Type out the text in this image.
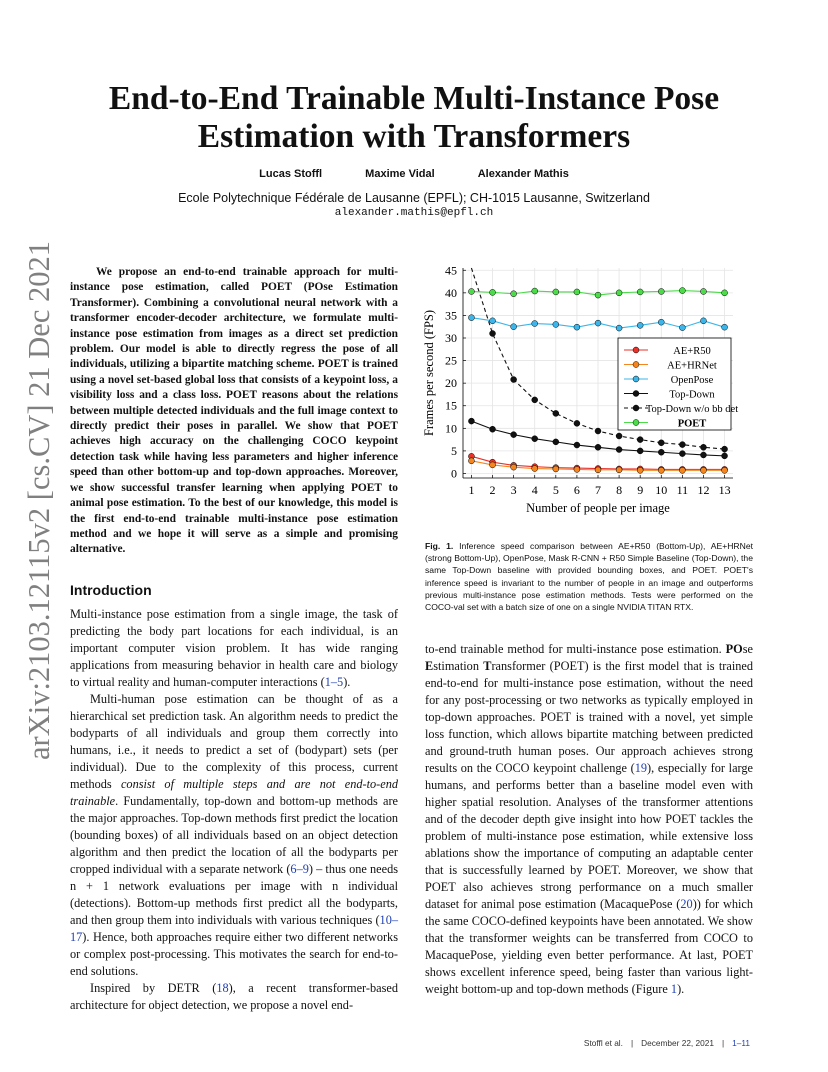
arXiv:2103.12115v2 [cs.CV] 21 Dec 2021
End-to-End Trainable Multi-Instance Pose
Estimation with Transformers
Lucas Stoffl	Maxime Vidal	Alexander Mathis
Ecole Polytechnique Fédérale de Lausanne (EPFL); CH-1015 Lausanne, Switzerland
alexander.mathis@epfl.ch

We propose an end-to-end trainable approach for multi-instance pose estimation, called POET (POse Estimation Transformer). Combining a convolutional neural network with a transformer encoder-decoder architecture, we formulate multi-instance pose estimation from images as a direct set prediction problem. Our model is able to directly regress the pose of all individuals, utilizing a bipartite matching scheme. POET is trained using a novel set-based global loss that consists of a keypoint loss, a visibility loss and a class loss. POET reasons about the relations between multiple detected individuals and the full image context to directly predict their poses in parallel. We show that POET achieves high accuracy on the challenging COCO keypoint detection task while having less parameters and higher inference speed than other bottom-up and top-down approaches. Moreover, we show successful transfer learning when applying POET to animal pose estimation. To the best of our knowledge, this model is the first end-to-end trainable multi-instance pose estimation method and we hope it will serve as a simple and promising alternative.

Introduction

Multi-instance pose estimation from a single image, the task of predicting the body part locations for each individual, is an important computer vision problem. It has wide ranging applications from measuring behavior in health care and biology to virtual reality and human-computer interactions (1–5).

Multi-human pose estimation can be thought of as a hierarchical set prediction task. An algorithm needs to predict the bodyparts of all individuals and group them correctly into humans, i.e., it needs to predict a set of (bodypart) sets (per individual). Due to the complexity of this process, current methods consist of multiple steps and are not end-to-end trainable. Fundamentally, top-down and bottom-up methods are the major approaches. Top-down methods first predict the location (bounding boxes) of all individuals based on an object detection algorithm and then predict the location of all the bodyparts per cropped individual with a separate network (6–9) – thus one needs n + 1 network evaluations per image with n individual (detections). Bottom-up methods first predict all the bodyparts, and then group them into individuals with various techniques (10–17). Hence, both approaches require either two different networks or complex post-processing. This motivates the search for end-to-end solutions.

Inspired by DETR (18), a recent transformer-based architecture for object detection, we propose a novel end-

0
5
10
15
20
25
30
35
40
45
1 2 3 4 5 6 7 8 9 10 11 12 13
Number of people per image
Frames per second (FPS)	AE+R50
AE+HRNet
OpenPose
Top-Down
Top-Down w/o bb det
POET

Fig. 1. Inference speed comparison between AE+R50 (Bottom-Up), AE+HRNet (strong Bottom-Up), OpenPose, Mask R-CNN + R50 Simple Baseline (Top-Down), the same Top-Down baseline with provided bounding boxes, and POET. POET's inference speed is invariant to the number of people in an image and outperforms previous multi-instance pose estimation methods. Tests were performed on the COCO-val set with a batch size of one on a single NVIDIA TITAN RTX.

to-end trainable method for multi-instance pose estimation. POse Estimation Transformer (POET) is the first model that is trained end-to-end for multi-instance pose estimation, without the need for any post-processing or two networks as typically employed in top-down approaches. POET is trained with a novel, yet simple loss function, which allows bipartite matching between predicted and ground-truth human poses. Our approach achieves strong results on the COCO keypoint challenge (19), especially for large humans, and performs better than a baseline model even with higher spatial resolution. Analyses of the transformer attentions and of the decoder depth give insight into how POET tackles the problem of multi-instance pose estimation, while extensive loss ablations show the importance of computing an adaptable center that is successfully learned by POET. Moreover, we show that POET also achieves strong performance on a much smaller dataset for animal pose estimation (MacaquePose (20)) for which the same COCO-defined keypoints have been annotated. We show that the transformer weights can be transferred from COCO to MacaquePose, yielding even better performance. At last, POET shows excellent inference speed, being faster than various light-weight bottom-up and top-down methods (Figure 1).

Stoffl et al. | December 22, 2021 | 1–11
